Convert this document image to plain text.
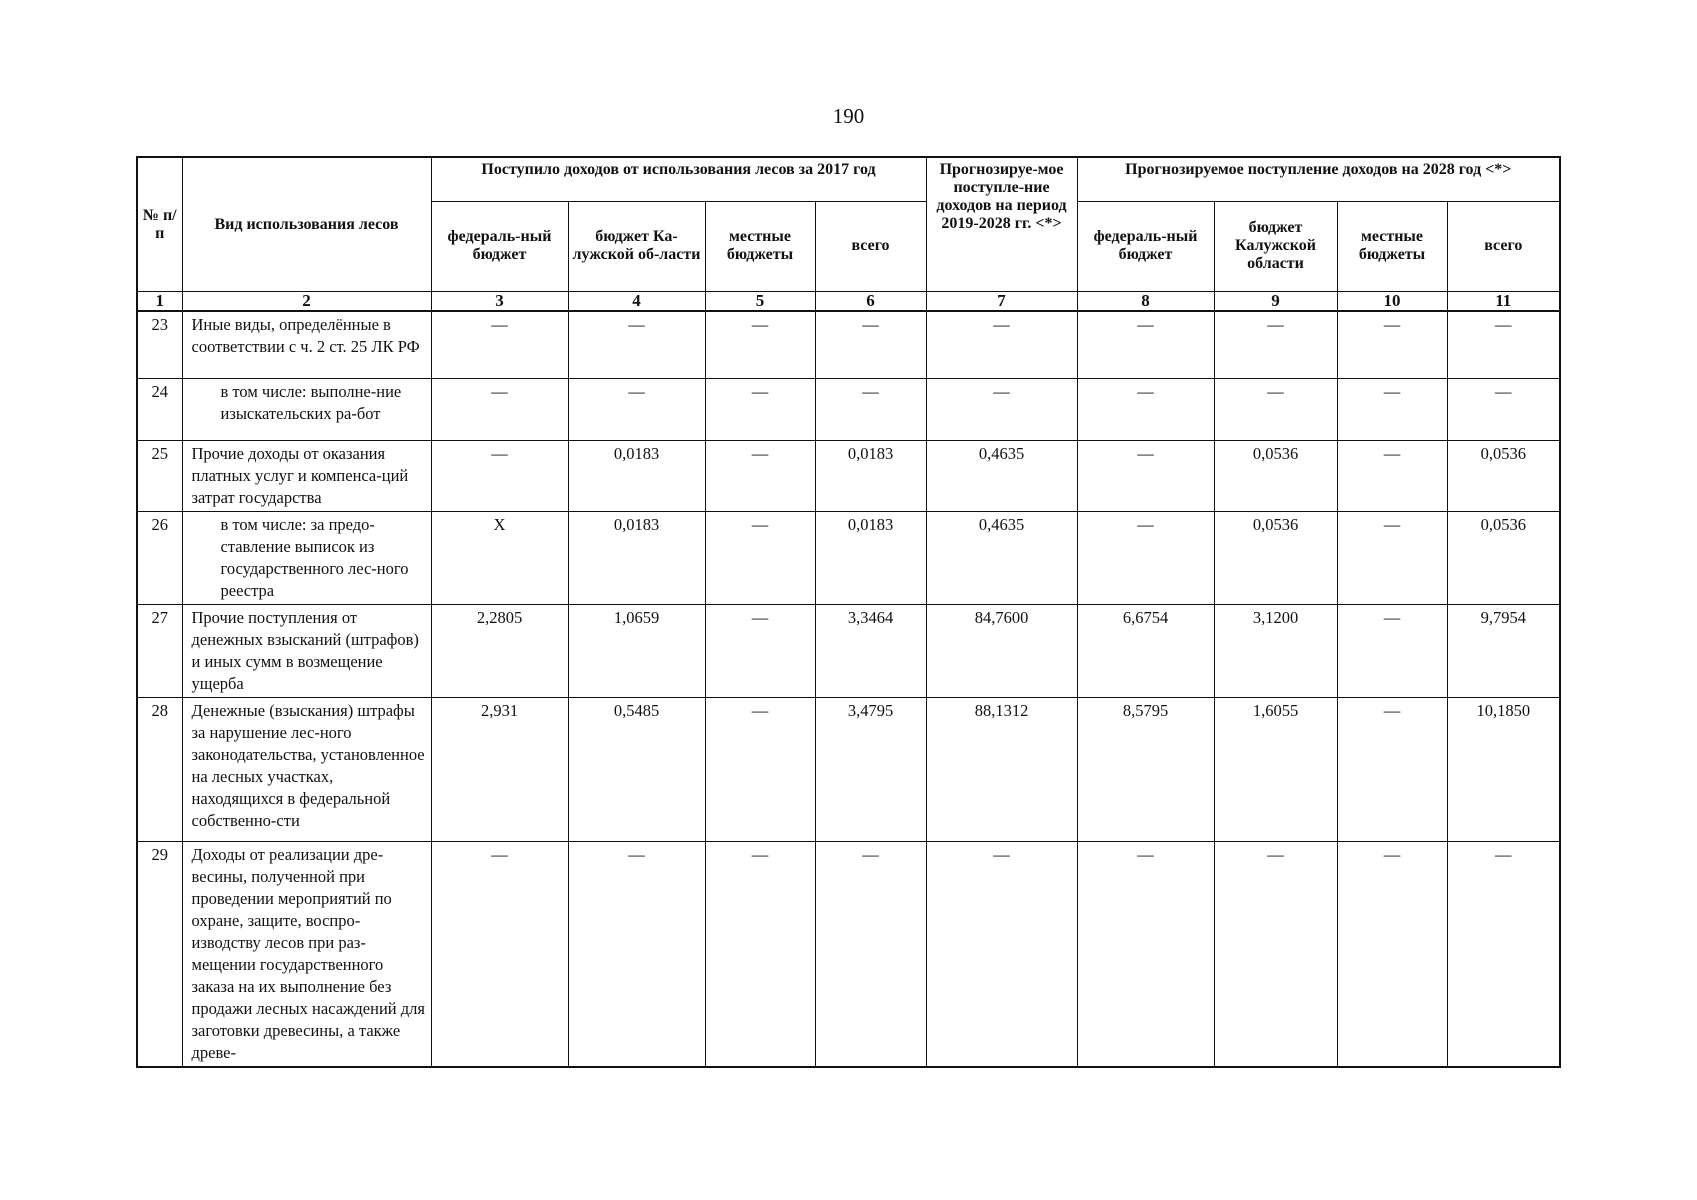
190
№ п/п	Вид использования лесов	Поступило доходов от использования лесов за 2017 год				Прогнозируе-мое поступле-ние доходов на период 2019-2028 гг. <*>	Прогнозируемое поступление доходов на 2028 год <*>			
		федераль-ный бюджет	бюджет Ка-лужской об-ласти	местные бюджеты	всего		федераль-ный бюджет	бюджет Калужской области	местные бюджеты	всего
1	2	3	4	5	6	7	8	9	10	11
23	Иные виды, определённые в соответствии с ч. 2 ст. 25 ЛК РФ	—	—	—	—	—	—	—	—	—
24	в том числе: выполне-ние изыскательских ра-бот	—	—	—	—	—	—	—	—	—
25	Прочие доходы от оказания платных услуг и компенса-ций затрат государства	—	0,0183	—	0,0183	0,4635	—	0,0536	—	0,0536
26	в том числе: за предо-ставление выписок из государственного лес-ного реестра	Х	0,0183	—	0,0183	0,4635	—	0,0536	—	0,0536
27	Прочие поступления от денежных взысканий (штрафов) и иных сумм в возмещение ущерба	2,2805	1,0659	—	3,3464	84,7600	6,6754	3,1200	—	9,7954
28	Денежные (взыскания) штрафы за нарушение лес-ного законодательства, установленное на лесных участках, находящихся в федеральной собственно-сти	2,931	0,5485	—	3,4795	88,1312	8,5795	1,6055	—	10,1850
29	Доходы от реализации дре-весины, полученной при проведении мероприятий по охране, защите, воспро-изводству лесов при раз-мещении государственного заказа на их выполнение без продажи лесных насаждений для заготовки древесины, а также древе-	—	—	—	—	—	—	—	—	—
